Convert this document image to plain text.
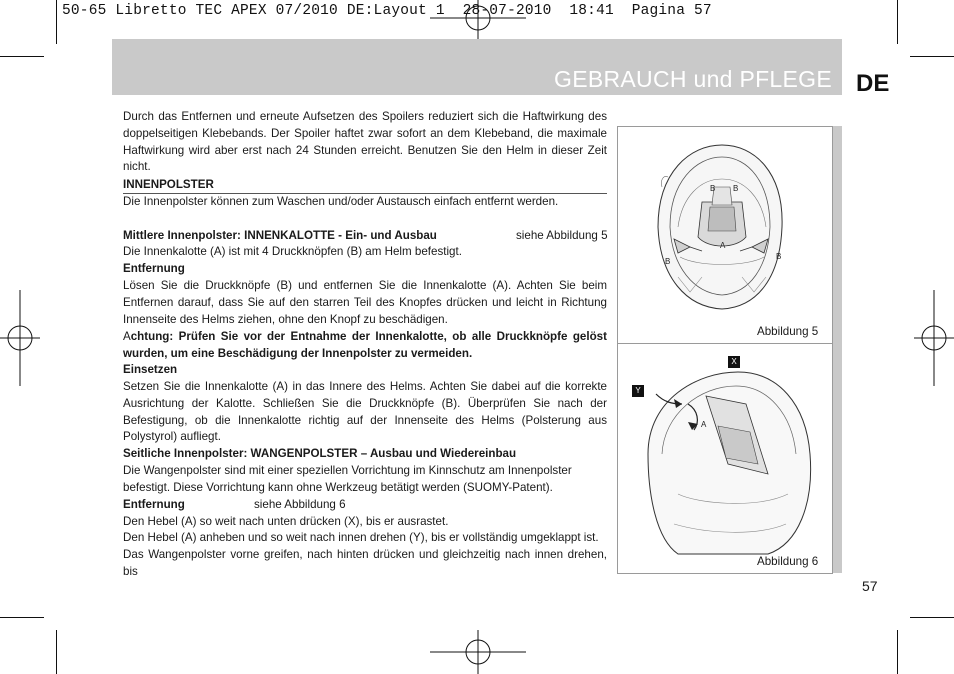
50-65 Libretto TEC APEX 07/2010 DE:Layout 1  28-07-2010  18:41  Pagina 57
GEBRAUCH und PFLEGE DE
Durch das Entfernen und erneute Aufsetzen des Spoilers reduziert sich die Haftwirkung des doppelseitigen Klebebands. Der Spoiler haftet zwar sofort an dem Klebeband, die maximale Haftwirkung wird aber erst nach 24 Stunden erreicht. Benutzen Sie den Helm in dieser Zeit nicht.
INNENPOLSTER
Die Innenpolster können zum Waschen und/oder Austausch einfach entfernt werden.
Mittlere Innenpolster: INNENKALOTTE - Ein- und Ausbau	siehe Abbildung 5
Die Innenkalotte (A) ist mit 4 Druckknöpfen (B) am Helm befestigt.
Entfernung
Lösen Sie die Druckknöpfe (B) und entfernen Sie die Innenkalotte (A). Achten Sie beim Entfernen darauf, dass Sie auf den starren Teil des Knopfes drücken und leicht in Richtung Innenseite des Helms ziehen, ohne den Knopf zu beschädigen.
Achtung: Prüfen Sie vor der Entnahme der Innenkalotte, ob alle Druckknöpfe gelöst wurden, um eine Beschädigung der Innenpolster zu vermeiden.
Einsetzen
Setzen Sie die Innenkalotte (A) in das Innere des Helms. Achten Sie dabei auf die korrekte Ausrichtung der Kalotte. Schließen Sie die Druckknöpfe (B). Überprüfen Sie nach der Befestigung, ob die Innenkalotte richtig auf der Innenseite des Helms (Polsterung aus Polystyrol) aufliegt.
Seitliche Innenpolster: WANGENPOLSTER – Ausbau und Wiedereinbau
Die Wangenpolster sind mit einer speziellen Vorrichtung im Kinnschutz am Innenpolster befestigt. Diese Vorrichtung kann ohne Werkzeug betätigt werden (SUOMY-Patent).
Entfernung	siehe Abbildung 6
Den Hebel (A) so weit nach unten drücken (X), bis er ausrastet.
Den Hebel (A) anheben und so weit nach innen drehen (Y), bis er vollständig umgeklappt ist.
Das Wangenpolster vorne greifen, nach hinten drücken und gleichzeitig nach innen drehen, bis
B B
A
B
B
Abbildung 5
X
Y
A
Abbildung 6
57
